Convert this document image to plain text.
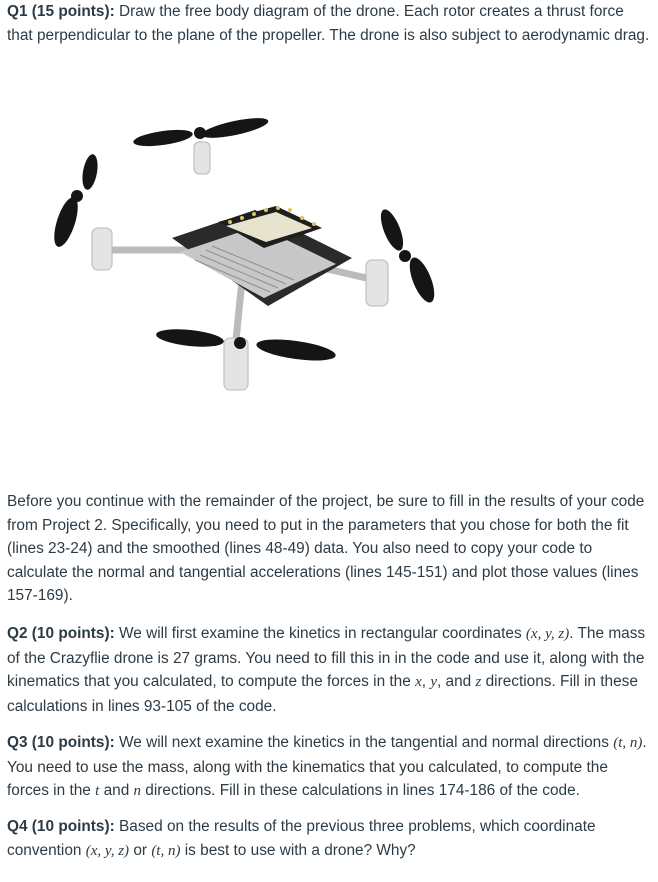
Q1 (15 points): Draw the free body diagram of the drone. Each rotor creates a thrust force that perpendicular to the plane of the propeller. The drone is also subject to aerodynamic drag.
Before you continue with the remainder of the project, be sure to fill in the results of your code from Project 2. Specifically, you need to put in the parameters that you chose for both the fit (lines 23-24) and the smoothed (lines 48-49) data. You also need to copy your code to calculate the normal and tangential accelerations (lines 145-151) and plot those values (lines 157-169).
Q2 (10 points): We will first examine the kinetics in rectangular coordinates (x, y, z). The mass of the Crazyflie drone is 27 grams. You need to fill this in in the code and use it, along with the kinematics that you calculated, to compute the forces in the x, y, and z directions. Fill in these calculations in lines 93-105 of the code.
Q3 (10 points): We will next examine the kinetics in the tangential and normal directions (t, n). You need to use the mass, along with the kinematics that you calculated, to compute the forces in the t and n directions. Fill in these calculations in lines 174-186 of the code.
Q4 (10 points): Based on the results of the previous three problems, which coordinate convention (x, y, z) or (t, n) is best to use with a drone? Why?
